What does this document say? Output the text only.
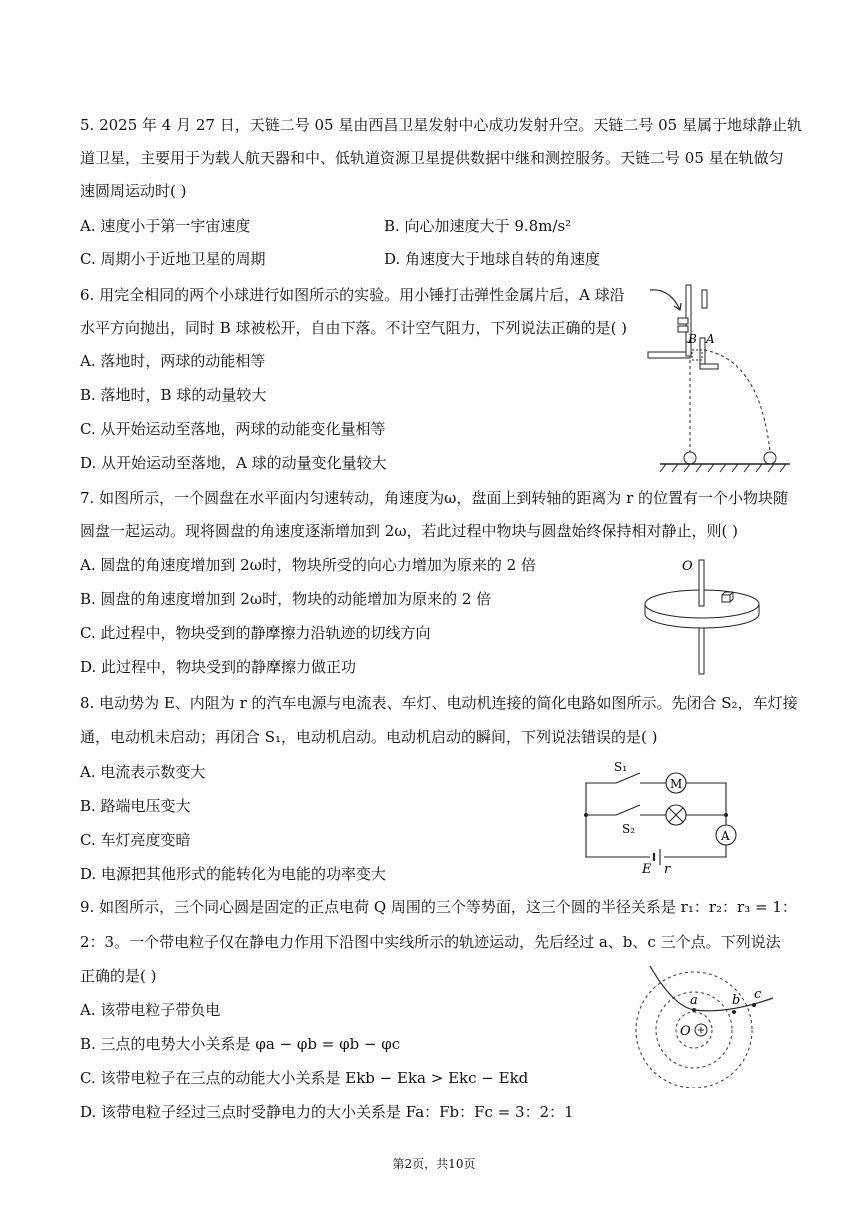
5. 2025 年 4 月 27 日，天链二号 05 星由西昌卫星发射中心成功发射升空。天链二号 05 星属于地球静止轨
道卫星，主要用于为载人航天器和中、低轨道资源卫星提供数据中继和测控服务。天链二号 05 星在轨做匀
速圆周运动时( )
A. 速度小于第一宇宙速度	B. 向心加速度大于 9.8m/s²
C. 周期小于近地卫星的周期	D. 角速度大于地球自转的角速度
6. 用完全相同的两个小球进行如图所示的实验。用小锤打击弹性金属片后，A 球沿
水平方向抛出，同时 B 球被松开，自由下落。不计空气阻力，下列说法正确的是( )
A. 落地时，两球的动能相等
B. 落地时，B 球的动量较大
C. 从开始运动至落地，两球的动能变化量相等
D. 从开始运动至落地，A 球的动量变化量较大
B A
7. 如图所示，一个圆盘在水平面内匀速转动，角速度为ω，盘面上到转轴的距离为 r 的位置有一个小物块随
圆盘一起运动。现将圆盘的角速度逐渐增加到 2ω，若此过程中物块与圆盘始终保持相对静止，则( )
A. 圆盘的角速度增加到 2ω时，物块所受的向心力增加为原来的 2 倍
B. 圆盘的角速度增加到 2ω时，物块的动能增加为原来的 2 倍
C. 此过程中，物块受到的静摩擦力沿轨迹的切线方向
D. 此过程中，物块受到的静摩擦力做正功
O
8. 电动势为 E、内阻为 r 的汽车电源与电流表、车灯、电动机连接的简化电路如图所示。先闭合 S₂，车灯接
通，电动机未启动；再闭合 S₁，电动机启动。电动机启动的瞬间，下列说法错误的是( )
A. 电流表示数变大
B. 路端电压变大
C. 车灯亮度变暗
D. 电源把其他形式的能转化为电能的功率变大
S₁
S₂
M
A
E r
9. 如图所示，三个同心圆是固定的正点电荷 Q 周围的三个等势面，这三个圆的半径关系是 r₁：r₂：r₃ = 1：
2：3。一个带电粒子仅在静电力作用下沿图中实线所示的轨迹运动，先后经过 a、b、c 三个点。下列说法
正确的是( )
A. 该带电粒子带负电
B. 三点的电势大小关系是 φa − φb = φb − φc
C. 该带电粒子在三点的动能大小关系是 Ekb − Eka > Ekc − Ekd
D. 该带电粒子经过三点时受静电力的大小关系是 Fa：Fb：Fc = 3：2：1
O
a	b c
第2页，共10页
